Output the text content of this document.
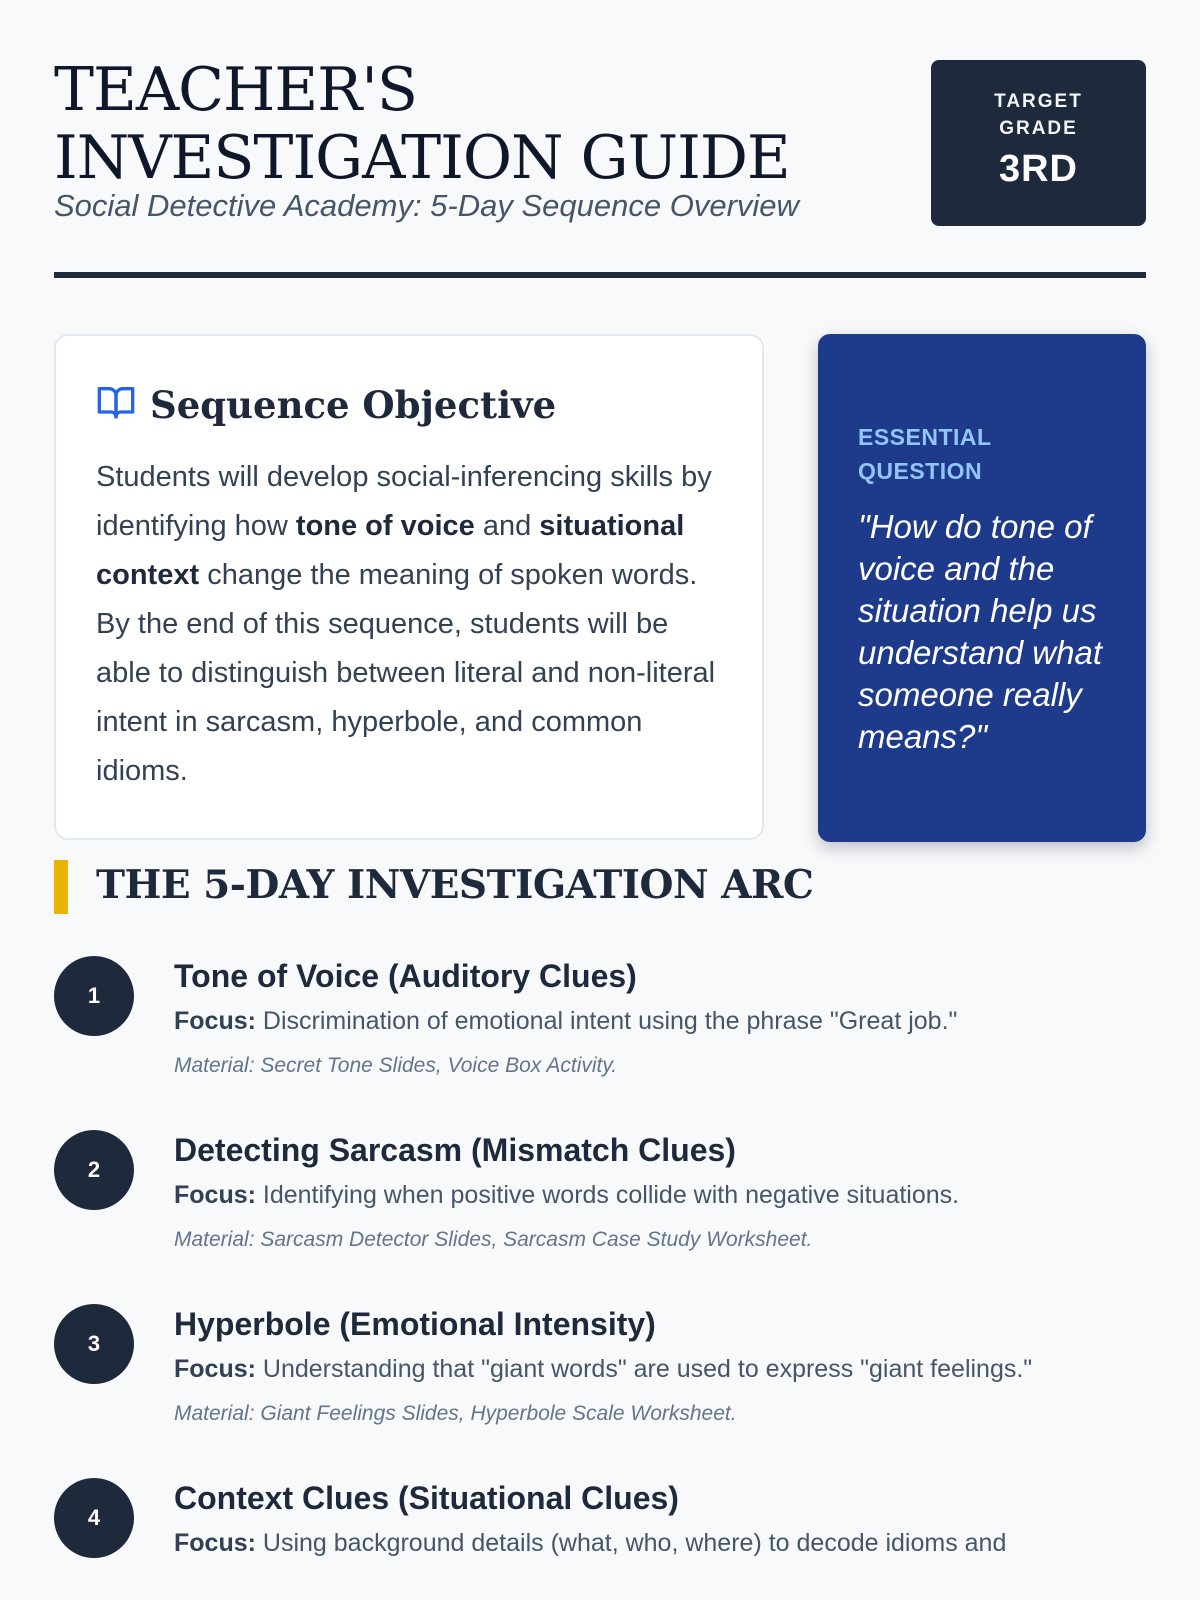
TEACHER'S INVESTIGATION GUIDE
Social Detective Academy: 5-Day Sequence Overview
TARGET GRADE
3RD
Sequence Objective

Students will develop social-inferencing skills by identifying how tone of voice and situational context change the meaning of spoken words. By the end of this sequence, students will be able to distinguish between literal and non-literal intent in sarcasm, hyperbole, and common idioms.

ESSENTIAL QUESTION
"How do tone of voice and the situation help us understand what someone really means?"
THE 5-DAY INVESTIGATION ARC
1
Tone of Voice (Auditory Clues)
Focus: Discrimination of emotional intent using the phrase "Great job."
Material: Secret Tone Slides, Voice Box Activity.
2
Detecting Sarcasm (Mismatch Clues)
Focus: Identifying when positive words collide with negative situations.
Material: Sarcasm Detector Slides, Sarcasm Case Study Worksheet.
3
Hyperbole (Emotional Intensity)
Focus: Understanding that "giant words" are used to express "giant feelings."
Material: Giant Feelings Slides, Hyperbole Scale Worksheet.
4
Context Clues (Situational Clues)
Focus: Using background details (what, who, where) to decode idioms and
